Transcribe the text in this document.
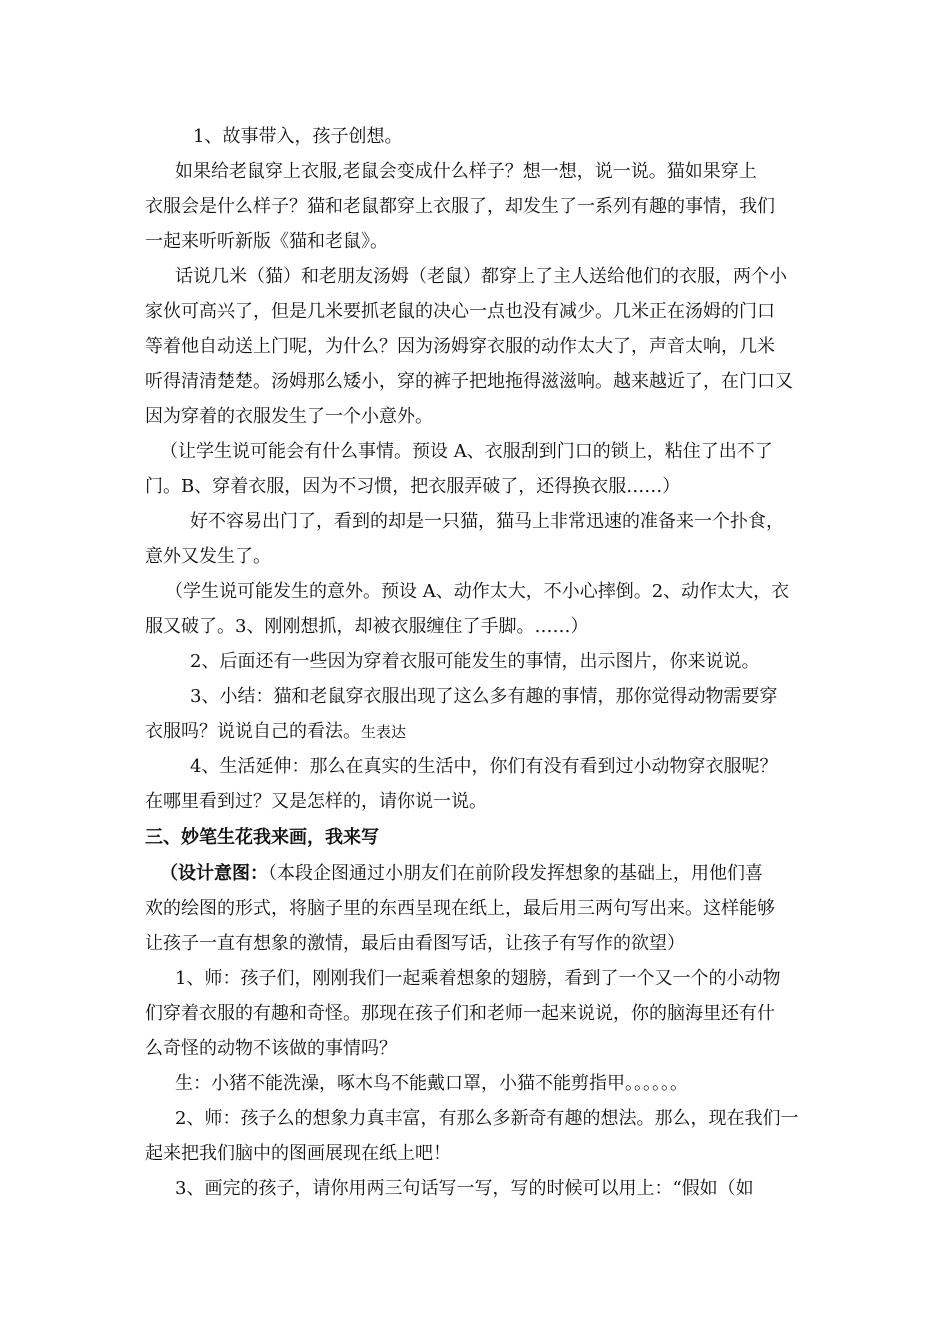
1、故事带入，孩子创想。
如果给老鼠穿上衣服,老鼠会变成什么样子？想一想，说一说。猫如果穿上
衣服会是什么样子？猫和老鼠都穿上衣服了，却发生了一系列有趣的事情，我们
一起来听听新版《猫和老鼠》。
话说几米（猫）和老朋友汤姆（老鼠）都穿上了主人送给他们的衣服，两个小
家伙可高兴了，但是几米要抓老鼠的决心一点也没有减少。几米正在汤姆的门口
等着他自动送上门呢，为什么？因为汤姆穿衣服的动作太大了，声音太响，几米
听得清清楚楚。汤姆那么矮小，穿的裤子把地拖得滋滋响。越来越近了，在门口又
因为穿着的衣服发生了一个小意外。
（让学生说可能会有什么事情。预设 A、衣服刮到门口的锁上，粘住了出不了
门。B、穿着衣服，因为不习惯，把衣服弄破了，还得换衣服……）
好不容易出门了，看到的却是一只猫，猫马上非常迅速的准备来一个扑食，
意外又发生了。
（学生说可能发生的意外。预设 A、动作太大，不小心摔倒。2、动作太大，衣
服又破了。3、刚刚想抓，却被衣服缠住了手脚。……）
2、后面还有一些因为穿着衣服可能发生的事情，出示图片，你来说说。
3、小结：猫和老鼠穿衣服出现了这么多有趣的事情，那你觉得动物需要穿
衣服吗？说说自己的看法。生表达
4、生活延伸：那么在真实的生活中，你们有没有看到过小动物穿衣服呢？
在哪里看到过？又是怎样的，请你说一说。
三、妙笔生花我来画，我来写
（设计意图：（本段企图通过小朋友们在前阶段发挥想象的基础上，用他们喜
欢的绘图的形式，将脑子里的东西呈现在纸上，最后用三两句写出来。这样能够
让孩子一直有想象的激情，最后由看图写话，让孩子有写作的欲望）
1、师：孩子们，刚刚我们一起乘着想象的翅膀，看到了一个又一个的小动物
们穿着衣服的有趣和奇怪。那现在孩子们和老师一起来说说，你的脑海里还有什
么奇怪的动物不该做的事情吗？
生：小猪不能洗澡，啄木鸟不能戴口罩，小猫不能剪指甲。。。。。。
2、师：孩子么的想象力真丰富，有那么多新奇有趣的想法。那么，现在我们一
起来把我们脑中的图画展现在纸上吧！
3、画完的孩子，请你用两三句话写一写，写的时候可以用上：“假如（如
